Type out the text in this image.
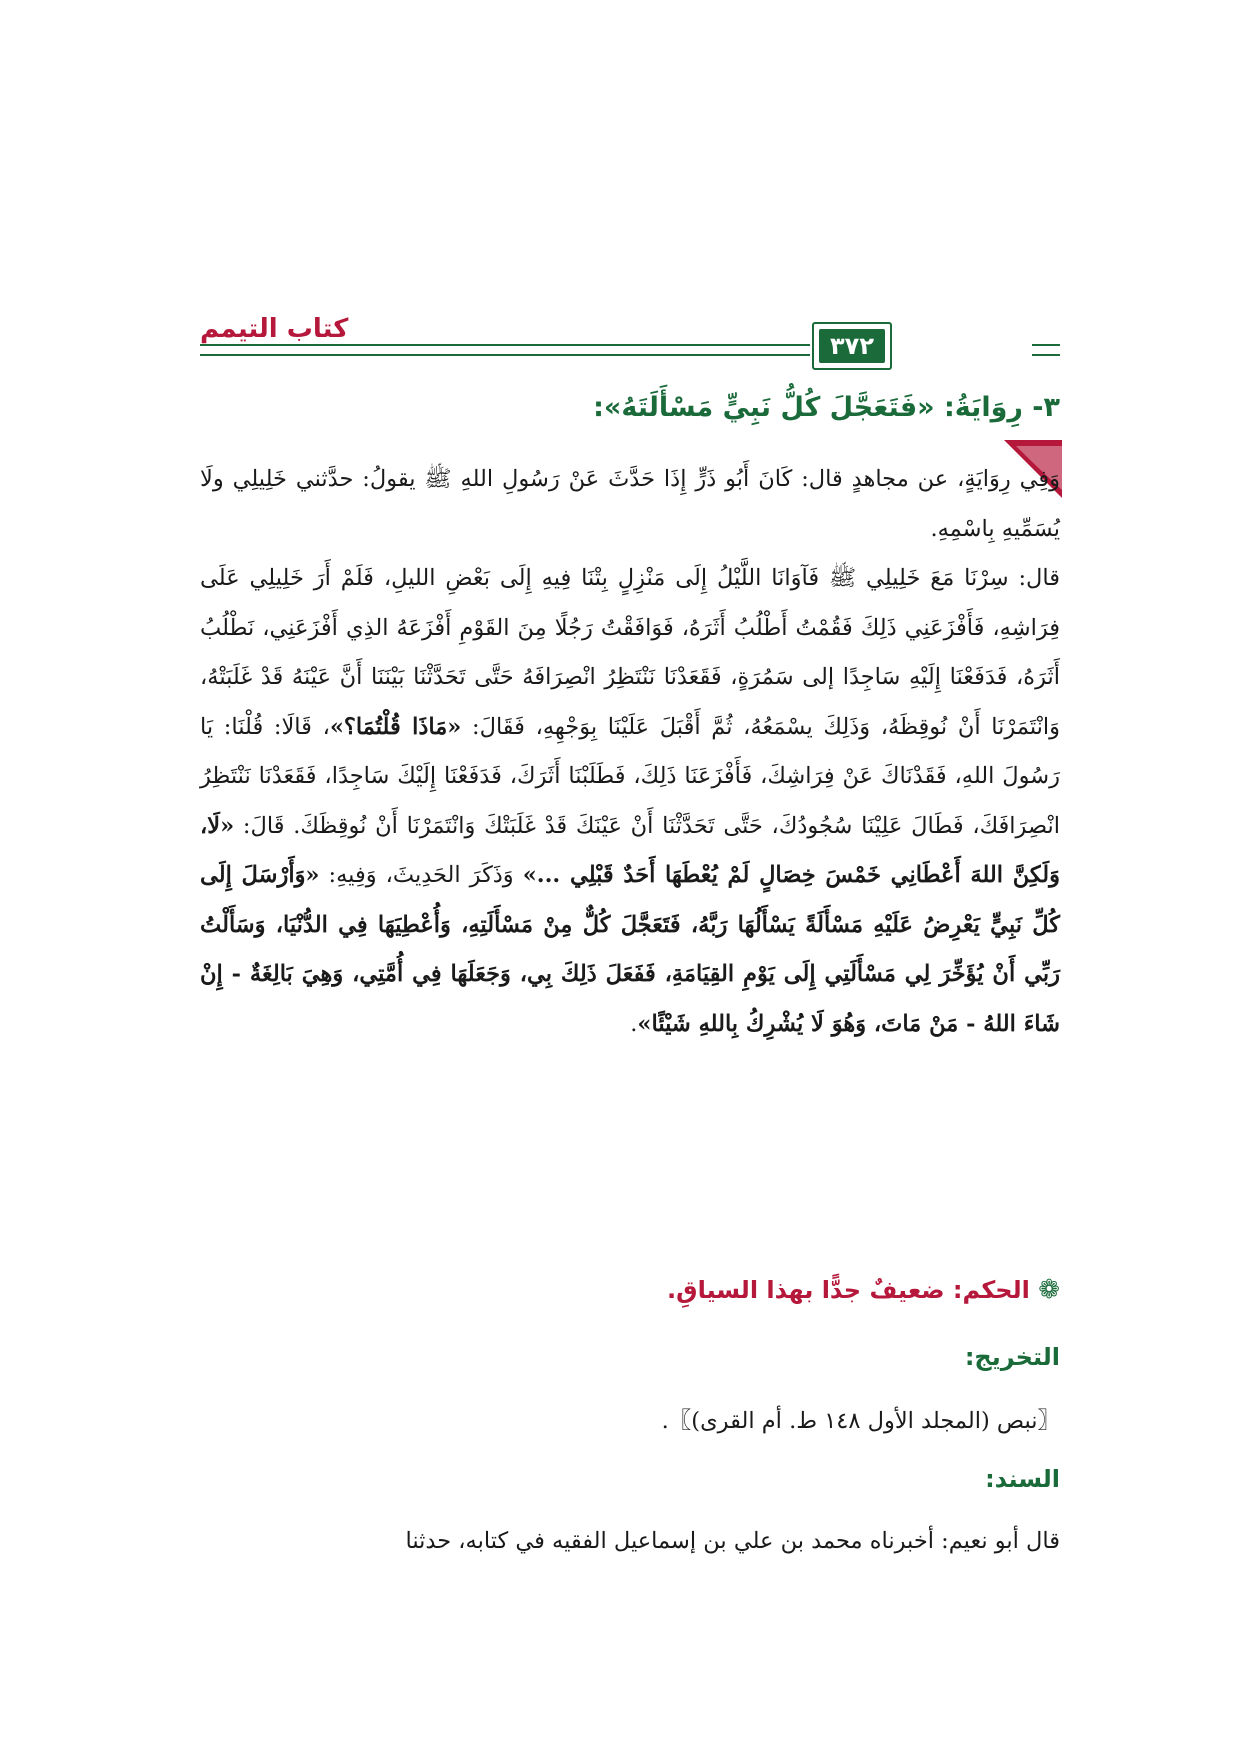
كتاب التيمم
٣٧٢
٣- رِوَايَةُ: «فَتَعَجَّلَ كُلُّ نَبِيٍّ مَسْأَلَتَهُ»:

وَفِي رِوَايَةٍ، عن مجاهدٍ قال: كَانَ أَبُو ذَرٍّ إِذَا حَدَّثَ عَنْ رَسُولِ اللهِ ﷺ يقولُ: حدَّثني خَلِيلِي ولَا يُسَمِّيهِ بِاسْمِهِ.

قال: سِرْنَا مَعَ خَلِيلِي ﷺ فَآوَانَا اللَّيْلُ إِلَى مَنْزِلٍ بِتْنَا فِيهِ إِلَى بَعْضِ الليلِ، فَلَمْ أَرَ خَلِيلِي عَلَى فِرَاشِهِ، فَأَفْزَعَنِي ذَلِكَ فَقُمْتُ أَطْلُبُ أَثَرَهُ، فَوَافَقْتُ رَجُلًا مِنَ القَوْمِ أَفْزَعَهُ الذِي أَفْزَعَنِي، نَطْلُبُ أَثَرَهُ، فَدَفَعْنَا إِلَيْهِ سَاجِدًا إلى سَمُرَةٍ، فَقَعَدْنَا نَنْتَظِرُ انْصِرَافَهُ حَتَّى تَحَدَّثْنَا بَيْنَنَا أَنَّ عَيْنَهُ قَدْ غَلَبَتْهُ، وَانْتَمَرْنَا أَنْ نُوقِظَهُ، وَذَلِكَ يسْمَعُهُ، ثُمَّ أَقْبَلَ عَلَيْنَا بِوَجْهِهِ، فَقَالَ: «مَاذَا قُلْتُمَا؟»، قَالَا: قُلْنَا: يَا رَسُولَ اللهِ، فَقَدْنَاكَ عَنْ فِرَاشِكَ، فَأَفْزَعَنَا ذَلِكَ، فَطَلَبْنَا أَثَرَكَ، فَدَفَعْنَا إِلَيْكَ سَاجِدًا، فَقَعَدْنَا نَنْتَظِرُ انْصِرَافَكَ، فَطَالَ عَلِيْنَا سُجُودُكَ، حَتَّى تَحَدَّثْنَا أَنْ عَيْنَكَ قَدْ غَلَبَتْكَ وَانْتَمَرْنَا أَنْ نُوقِظَكَ. قَالَ: «لَا، وَلَكِنَّ اللهَ أَعْطَانِي خَمْسَ خِصَالٍ لَمْ يُعْطَهَا أَحَدٌ قَبْلِي ...» وَذَكَرَ الحَدِيثَ، وَفِيهِ: «وَأَرْسَلَ إِلَى كُلِّ نَبِيٍّ يَعْرِضُ عَلَيْهِ مَسْأَلَةً يَسْأَلُهَا رَبَّهُ، فَتَعَجَّلَ كُلٌّ مِنْ مَسْأَلَتِهِ، وَأُعْطِيَهَا فِي الدُّنْيَا، وَسَأَلْتُ رَبِّي أَنْ يُؤَخِّرَ لِي مَسْأَلَتِي إِلَى يَوْمِ القِيَامَةِ، فَفَعَلَ ذَلِكَ بِي، وَجَعَلَهَا فِي أُمَّتِي، وَهِيَ بَالِغَةٌ - إِنْ شَاءَ اللهُ - مَنْ مَاتَ، وَهُوَ لَا يُشْرِكُ بِاللهِ شَيْئًا».

❁ الحكم: ضعيفٌ جدًّا بهذا السياقِ.
التخريج:
〖نبص (المجلد الأول ١٤٨ ط. أم القرى)〗.
السند:
قال أبو نعيم: أخبرناه محمد بن علي بن إسماعيل الفقيه في كتابه، حدثنا
